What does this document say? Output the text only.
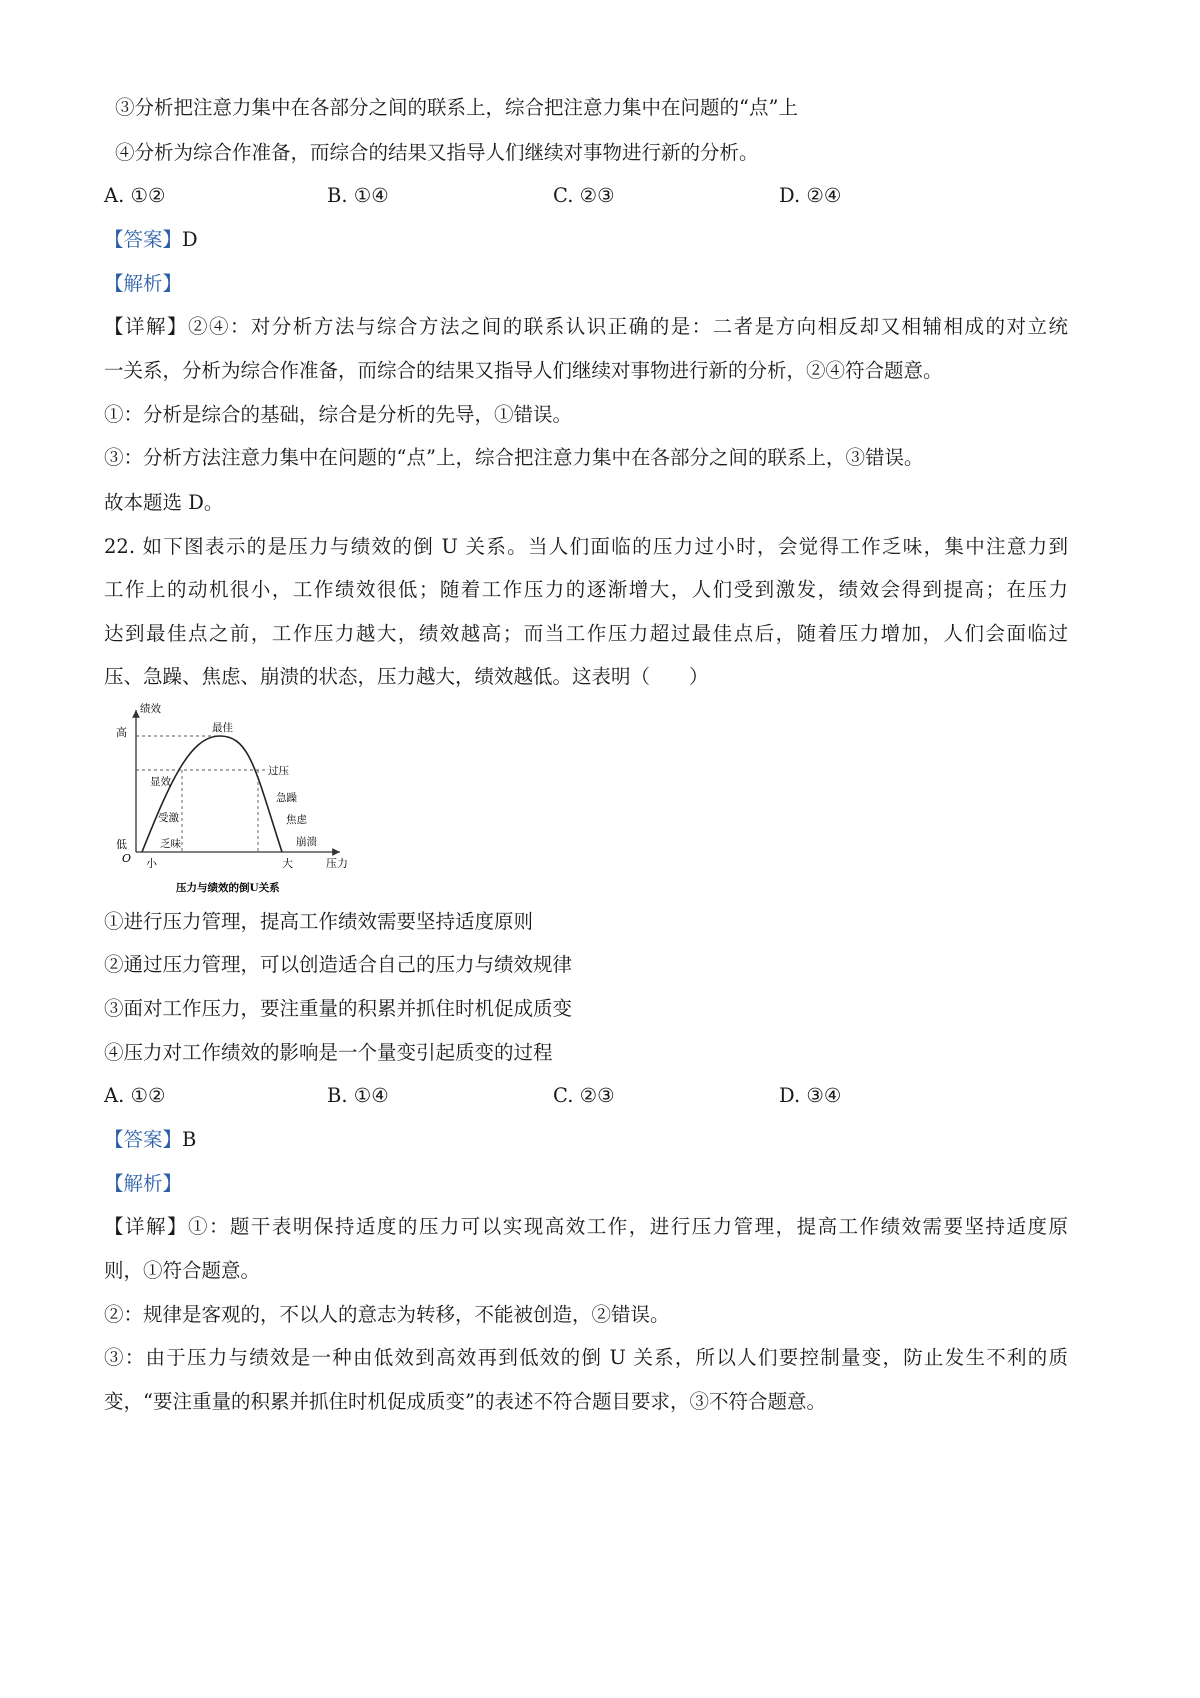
③分析把注意力集中在各部分之间的联系上，综合把注意力集中在问题的“点”上
④分析为综合作准备，而综合的结果又指导人们继续对事物进行新的分析。
A. ①②	B. ①④	C. ②③	D. ②④
【答案】D
【解析】
【详解】②④：对分析方法与综合方法之间的联系认识正确的是：二者是方向相反却又相辅相成的对立统
一关系，分析为综合作准备，而综合的结果又指导人们继续对事物进行新的分析，②④符合题意。
①：分析是综合的基础，综合是分析的先导，①错误。
③：分析方法注意力集中在问题的“点”上，综合把注意力集中在各部分之间的联系上，③错误。
故本题选 D。
22. 如下图表示的是压力与绩效的倒 U 关系。当人们面临的压力过小时，会觉得工作乏味，集中注意力到
工作上的动机很小，工作绩效很低；随着工作压力的逐渐增大，人们受到激发，绩效会得到提高；在压力
达到最佳点之前，工作压力越大，绩效越高；而当工作压力超过最佳点后，随着压力增加，人们会面临过
压、急躁、焦虑、崩溃的状态，压力越大，绩效越低。这表明（　　）
绩效
压力
O
低
高
小	大
最佳
乏味
受激
显效
过压
急躁
焦虑
崩溃
压力与绩效的倒U关系
①进行压力管理，提高工作绩效需要坚持适度原则
②通过压力管理，可以创造适合自己的压力与绩效规律
③面对工作压力，要注重量的积累并抓住时机促成质变
④压力对工作绩效的影响是一个量变引起质变的过程
A. ①②	B. ①④	C. ②③	D. ③④
【答案】B
【解析】
【详解】①：题干表明保持适度的压力可以实现高效工作，进行压力管理，提高工作绩效需要坚持适度原
则，①符合题意。
②：规律是客观的，不以人的意志为转移，不能被创造，②错误。
③：由于压力与绩效是一种由低效到高效再到低效的倒 U 关系，所以人们要控制量变，防止发生不利的质
变，“要注重量的积累并抓住时机促成质变”的表述不符合题目要求，③不符合题意。
